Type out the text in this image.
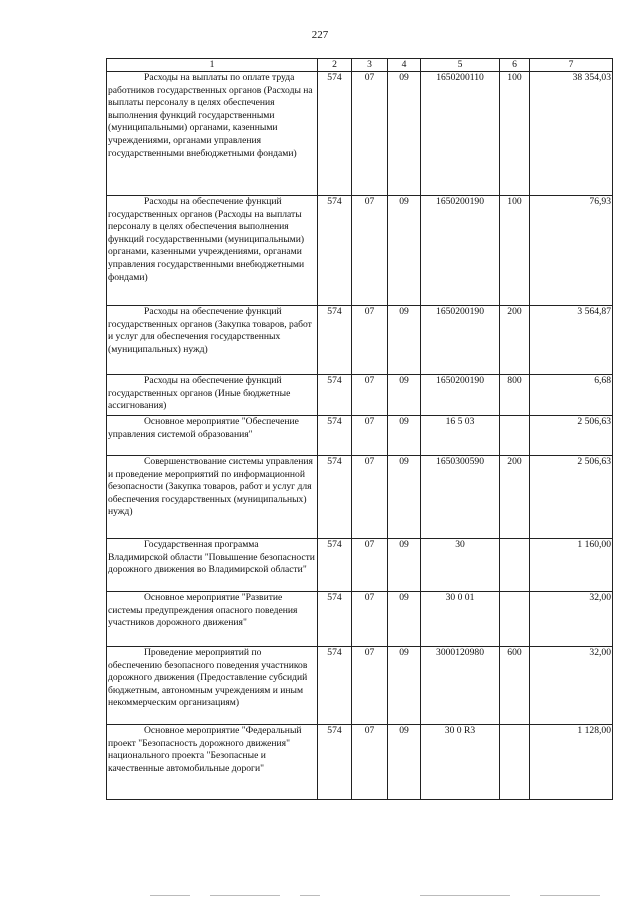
227
1	2	3	4	5	6	7
Расходы на выплаты по оплате труда работников государственных органов (Расходы на выплаты персоналу в целях обеспечения выполнения функций государственными (муниципальными) органами, казенными учреждениями, органами управления государственными внебюджетными фондами)	574	07	09	1650200110	100	38 354,03
Расходы на обеспечение функций государственных органов (Расходы на выплаты персоналу в целях обеспечения выполнения функций государственными (муниципальными) органами, казенными учреждениями, органами управления государственными внебюджетными фондами)	574	07	09	1650200190	100	76,93
Расходы на обеспечение функций государственных органов (Закупка товаров, работ и услуг для обеспечения государственных (муниципальных) нужд)	574	07	09	1650200190	200	3 564,87
Расходы на обеспечение функций государственных органов (Иные бюджетные ассигнования)	574	07	09	1650200190	800	6,68
Основное мероприятие "Обеспечение управления системой образования"	574	07	09	16 5 03		2 506,63
Совершенствование системы управления и проведение мероприятий по информационной безопасности (Закупка товаров, работ и услуг для обеспечения государственных (муниципальных) нужд)	574	07	09	1650300590	200	2 506,63
Государственная программа Владимирской области "Повышение безопасности дорожного движения во Владимирской области"	574	07	09	30		1 160,00
Основное мероприятие "Развитие системы предупреждения опасного поведения участников дорожного движения"	574	07	09	30 0 01		32,00
Проведение мероприятий по обеспечению безопасного поведения участников дорожного движения (Предоставление субсидий бюджетным, автономным учреждениям и иным некоммерческим организациям)	574	07	09	3000120980	600	32,00
Основное мероприятие "Федеральный проект "Безопасность дорожного движения" национального проекта "Безопасные и качественные автомобильные дороги"	574	07	09	30 0 R3		1 128,00
